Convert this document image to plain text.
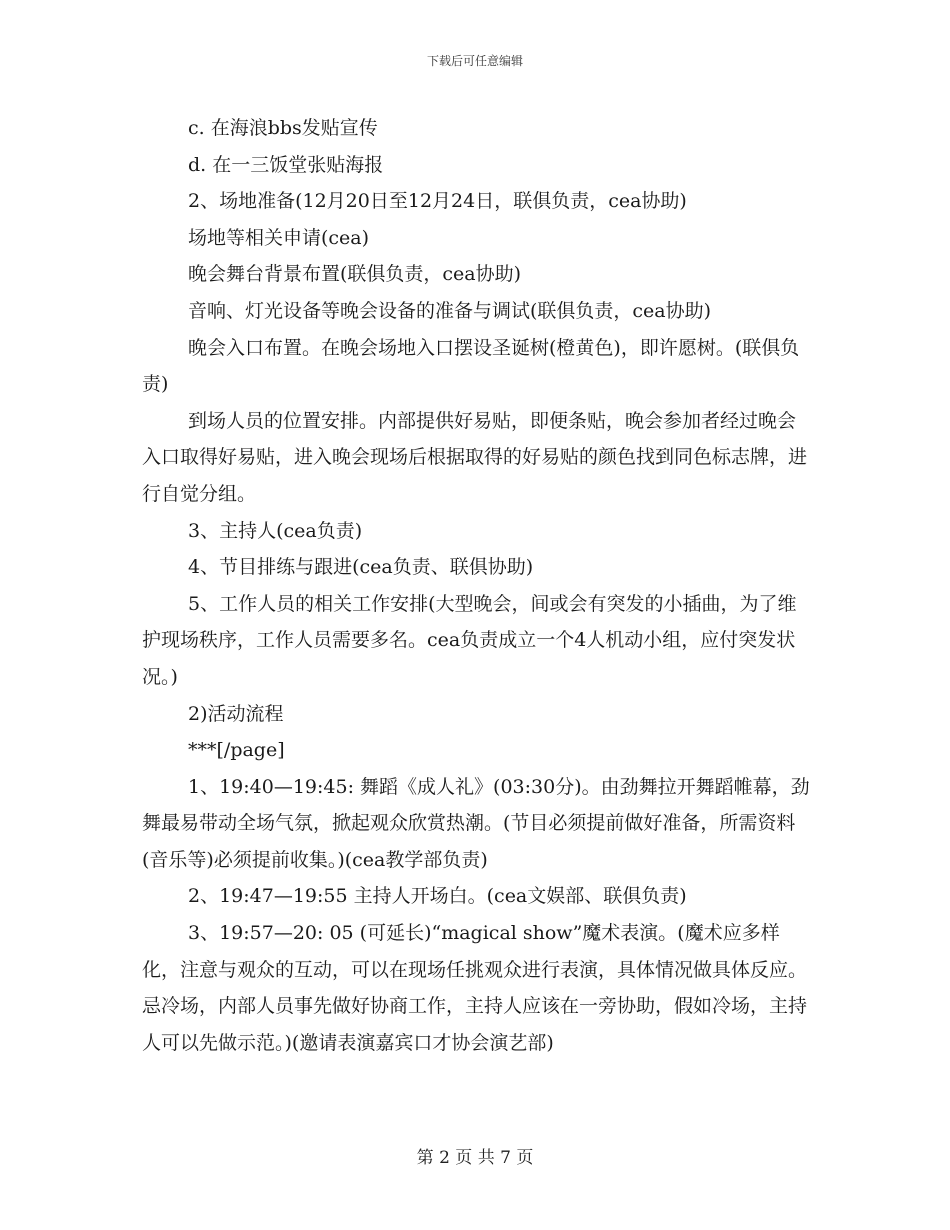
下载后可任意编辑

c. 在海浪bbs发贴宣传

d. 在一三饭堂张贴海报

2、场地准备(12月20日至12月24日，联俱负责，cea协助)

场地等相关申请(cea)

晚会舞台背景布置(联俱负责，cea协助)

音响、灯光设备等晚会设备的准备与调试(联俱负责，cea协助)

晚会入口布置。在晚会场地入口摆设圣诞树(橙黄色)，即许愿树。(联俱负责)

到场人员的位置安排。内部提供好易贴，即便条贴，晚会参加者经过晚会入口取得好易贴，进入晚会现场后根据取得的好易贴的颜色找到同色标志牌，进行自觉分组。

3、主持人(cea负责)

4、节目排练与跟进(cea负责、联俱协助)

5、工作人员的相关工作安排(大型晚会，间或会有突发的小插曲，为了维护现场秩序，工作人员需要多名。cea负责成立一个4人机动小组，应付突发状况。)

2)活动流程

***[/page]

1、19:40—19:45: 舞蹈《成人礼》(03:30分)。由劲舞拉开舞蹈帷幕，劲舞最易带动全场气氛，掀起观众欣赏热潮。(节目必须提前做好准备，所需资料(音乐等)必须提前收集。)(cea教学部负责)

2、19:47—19:55 主持人开场白。(cea文娱部、联俱负责)

3、19:57—20: 05 (可延长)“magical show”魔术表演。(魔术应多样化，注意与观众的互动，可以在现场任挑观众进行表演，具体情况做具体反应。忌冷场，内部人员事先做好协商工作，主持人应该在一旁协助，假如冷场，主持人可以先做示范。)(邀请表演嘉宾口才协会演艺部)

第 2 页 共 7 页
